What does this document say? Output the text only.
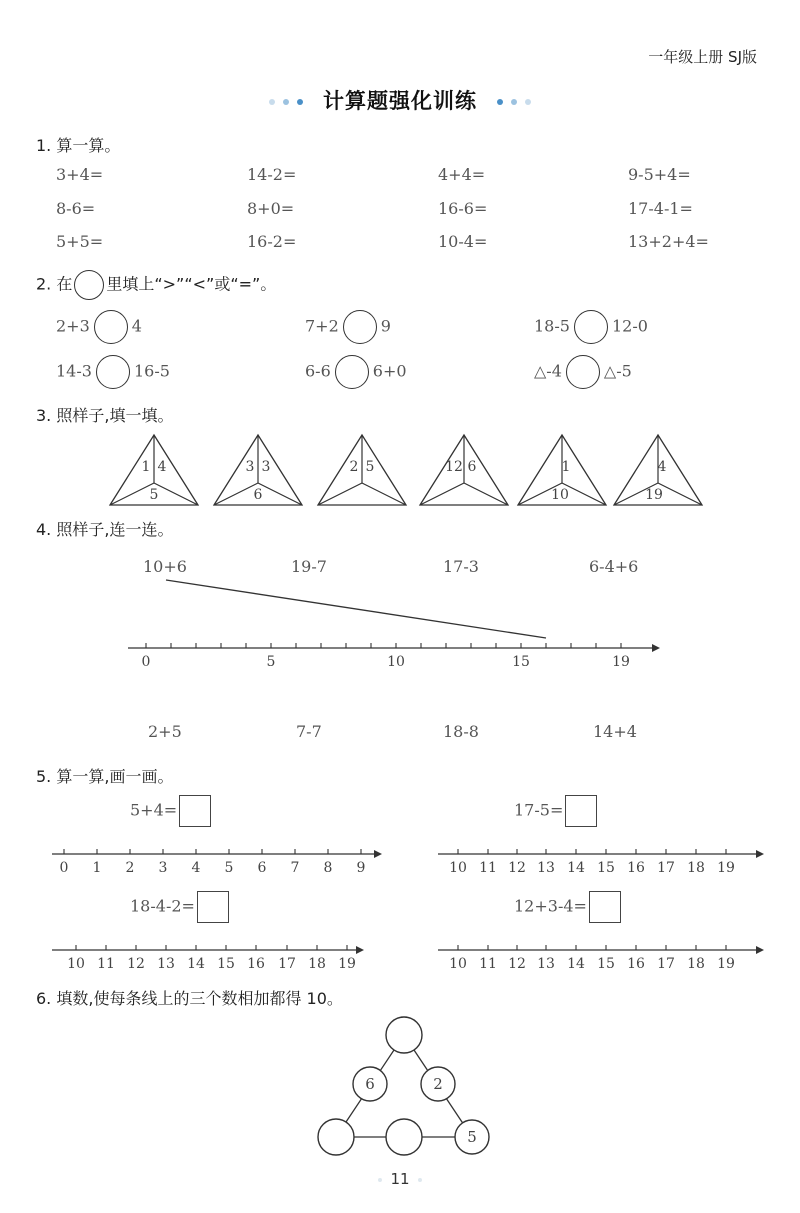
一年级上册 SJ版
计算题强化训练
1. 算一算。
3+4=	14-2=	4+4=	9-5+4=
8-6=	8+0=	16-6=	17-4-1=
5+5=	16-2=	10-4=	13+2+4=
2. 在 里填上“>”“<”或“=”。
2+3	4	7+2	9	18-5	12-0
14-3	16-5	6-6	6+0	△-4	△-5
3. 照样子,填一填。
1 4
5
3 3
6
2 5	12 6	1
10
4
19
4. 照样子,连一连。
10+6	19-7	17-3	6-4+6
0	5	10	15	19
2+5	7-7	18-8	14+4
5. 算一算,画一画。
5+4=	17-5=
18-4-2=	12+3-4=
0 1 2 3 4 5 6 7 8 9	10 11 12 13 14 15 16 17 18 19
10 11 12 13 14 15 16 17 18 19	10 11 12 13 14 15 16 17 18 19
6. 填数,使每条线上的三个数相加都得 10。
6	2
5
11
